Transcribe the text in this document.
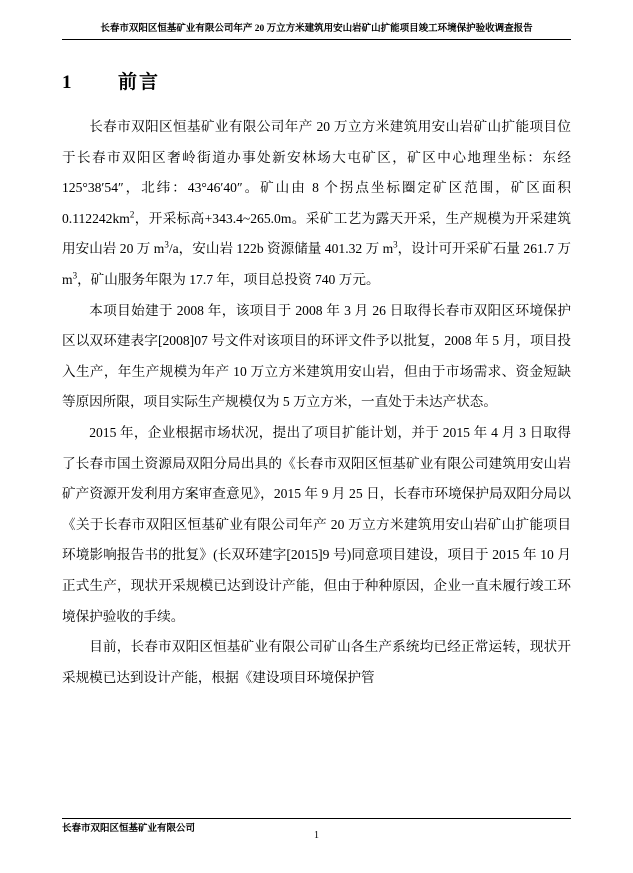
长春市双阳区恒基矿业有限公司年产 20 万立方米建筑用安山岩矿山扩能项目竣工环境保护验收调查报告
1 前言

长春市双阳区恒基矿业有限公司年产 20 万立方米建筑用安山岩矿山扩能项目位于长春市双阳区奢岭街道办事处新安林场大屯矿区，矿区中心地理坐标：东经 125°38′54″，北纬：43°46′40″。矿山由 8 个拐点坐标圈定矿区范围，矿区面积 $0.112242km^2$，开采标高+343.4~265.0m。采矿工艺为露天开采，生产规模为开采建筑用安山岩 20 万 $m^3/a$，安山岩 122b 资源储量 401.32 万 $m^3$，设计可开采矿石量 261.7 万 $m^3$，矿山服务年限为 17.7 年，项目总投资 740 万元。

本项目始建于 2008 年，该项目于 2008 年 3 月 26 日取得长春市双阳区环境保护区以双环建表字[2008]07 号文件对该项目的环评文件予以批复，2008 年 5 月，项目投入生产，年生产规模为年产 10 万立方米建筑用安山岩，但由于市场需求、资金短缺等原因所限，项目实际生产规模仅为 5 万立方米，一直处于未达产状态。

2015 年，企业根据市场状况，提出了项目扩能计划，并于 2015 年 4 月 3 日取得了长春市国土资源局双阳分局出具的《长春市双阳区恒基矿业有限公司建筑用安山岩矿产资源开发利用方案审查意见》，2015 年 9 月 25 日，长春市环境保护局双阳分局以《关于长春市双阳区恒基矿业有限公司年产 20 万立方米建筑用安山岩矿山扩能项目环境影响报告书的批复》(长双环建字[2015]9 号)同意项目建设，项目于 2015 年 10 月正式生产，现状开采规模已达到设计产能，但由于种种原因，企业一直未履行竣工环境保护验收的手续。

目前，长春市双阳区恒基矿业有限公司矿山各生产系统均已经正常运转，现状开采规模已达到设计产能，根据《建设项目环境保护管

长春市双阳区恒基矿业有限公司
1
